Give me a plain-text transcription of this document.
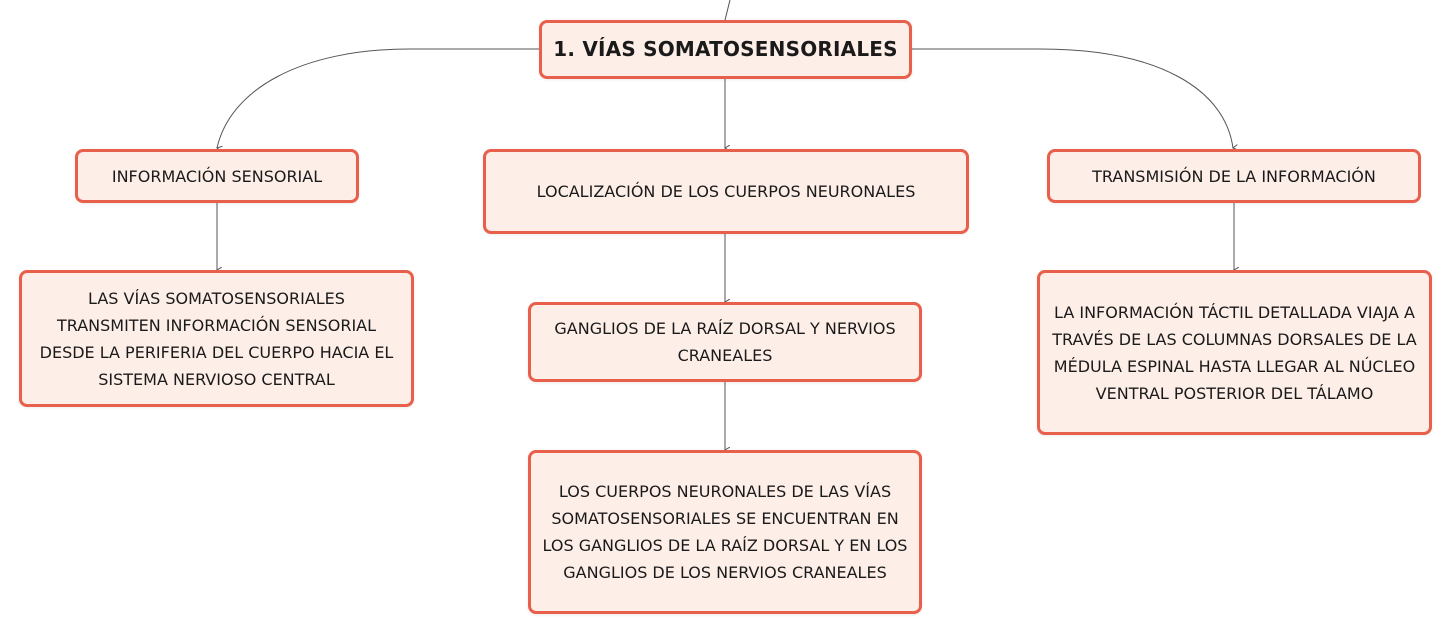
1. VÍAS SOMATOSENSORIALES
INFORMACIÓN SENSORIAL
LOCALIZACIÓN DE LOS CUERPOS NEURONALES
TRANSMISIÓN DE LA INFORMACIÓN
LAS VÍAS SOMATOSENSORIALES TRANSMITEN INFORMACIÓN SENSORIAL DESDE LA PERIFERIA DEL CUERPO HACIA EL SISTEMA NERVIOSO CENTRAL
GANGLIOS DE LA RAÍZ DORSAL Y NERVIOS CRANEALES
LOS CUERPOS NEURONALES DE LAS VÍAS SOMATOSENSORIALES SE ENCUENTRAN EN LOS GANGLIOS DE LA RAÍZ DORSAL Y EN LOS GANGLIOS DE LOS NERVIOS CRANEALES
LA INFORMACIÓN TÁCTIL DETALLADA VIAJA A TRAVÉS DE LAS COLUMNAS DORSALES DE LA MÉDULA ESPINAL HASTA LLEGAR AL NÚCLEO VENTRAL POSTERIOR DEL TÁLAMO
